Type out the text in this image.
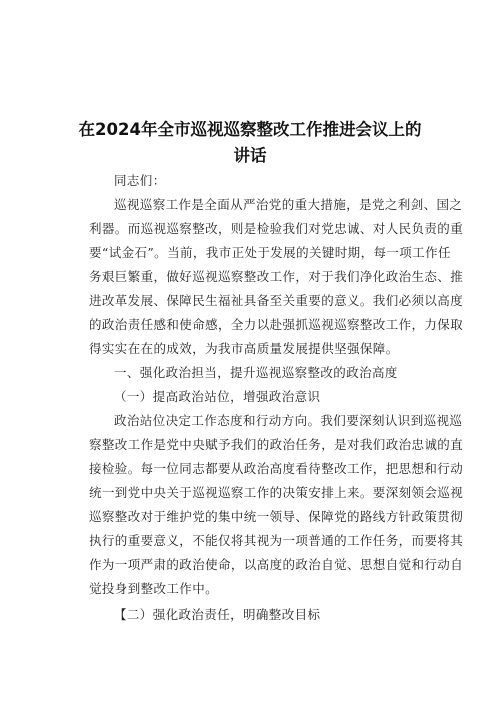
在2024年全市巡视巡察整改工作推进会议上的
讲话
同志们：
巡视巡察工作是全面从严治党的重大措施，是党之利剑、国之
利器。而巡视巡察整改，则是检验我们对党忠诚、对人民负责的重
要“试金石”。当前，我市正处于发展的关键时期，每一项工作任
务艰巨繁重，做好巡视巡察整改工作，对于我们净化政治生态、推
进改革发展、保障民生福祉具备至关重要的意义。我们必须以高度
的政治责任感和使命感，全力以赴强抓巡视巡察整改工作，力保取
得实实在在的成效，为我市高质量发展提供坚强保障。
一、强化政治担当，提升巡视巡察整改的政治高度
（一）提高政治站位，增强政治意识
政治站位决定工作态度和行动方向。我们要深刻认识到巡视巡
察整改工作是党中央赋予我们的政治任务，是对我们政治忠诚的直
接检验。每一位同志都要从政治高度看待整改工作，把思想和行动
统一到党中央关于巡视巡察工作的决策安排上来。要深刻领会巡视
巡察整改对于维护党的集中统一领导、保障党的路线方针政策贯彻
执行的重要意义，不能仅将其视为一项普通的工作任务，而要将其
作为一项严肃的政治使命，以高度的政治自觉、思想自觉和行动自
觉投身到整改工作中。
【二）强化政治责任，明确整改目标
